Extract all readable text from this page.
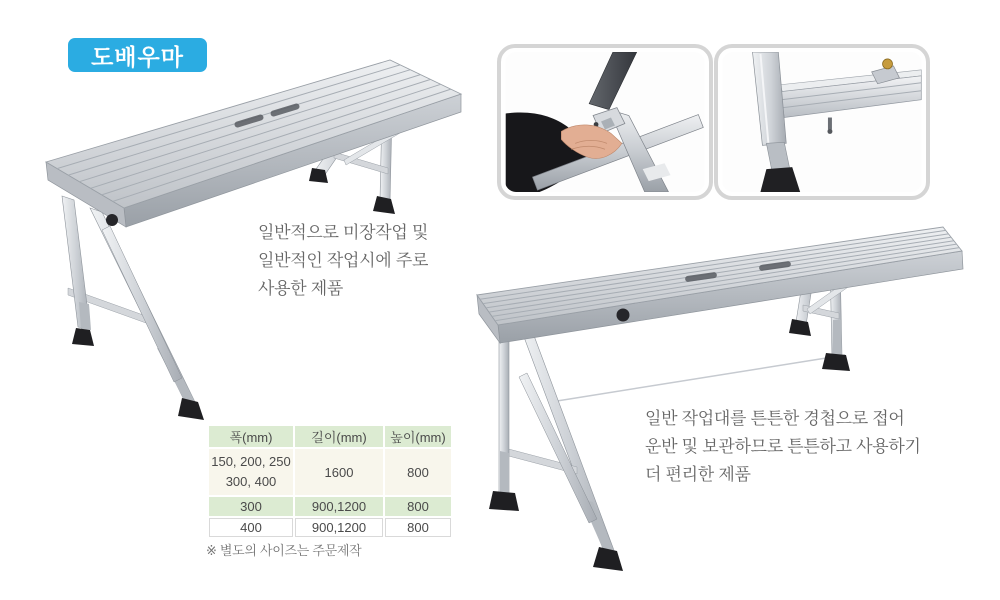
도배우마
일반적으로 미장작업 및
일반적인 작업시에 주로
사용한 제품
일반 작업대를 튼튼한 경첩으로 접어
운반 및 보관하므로 튼튼하고 사용하기
더 편리한 제품
폭(mm)	길이(mm)	높이(mm)

150, 200, 250
300, 400	1600	800
300	900,1200	800
400	900,1200	800
※ 별도의 사이즈는 주문제작
